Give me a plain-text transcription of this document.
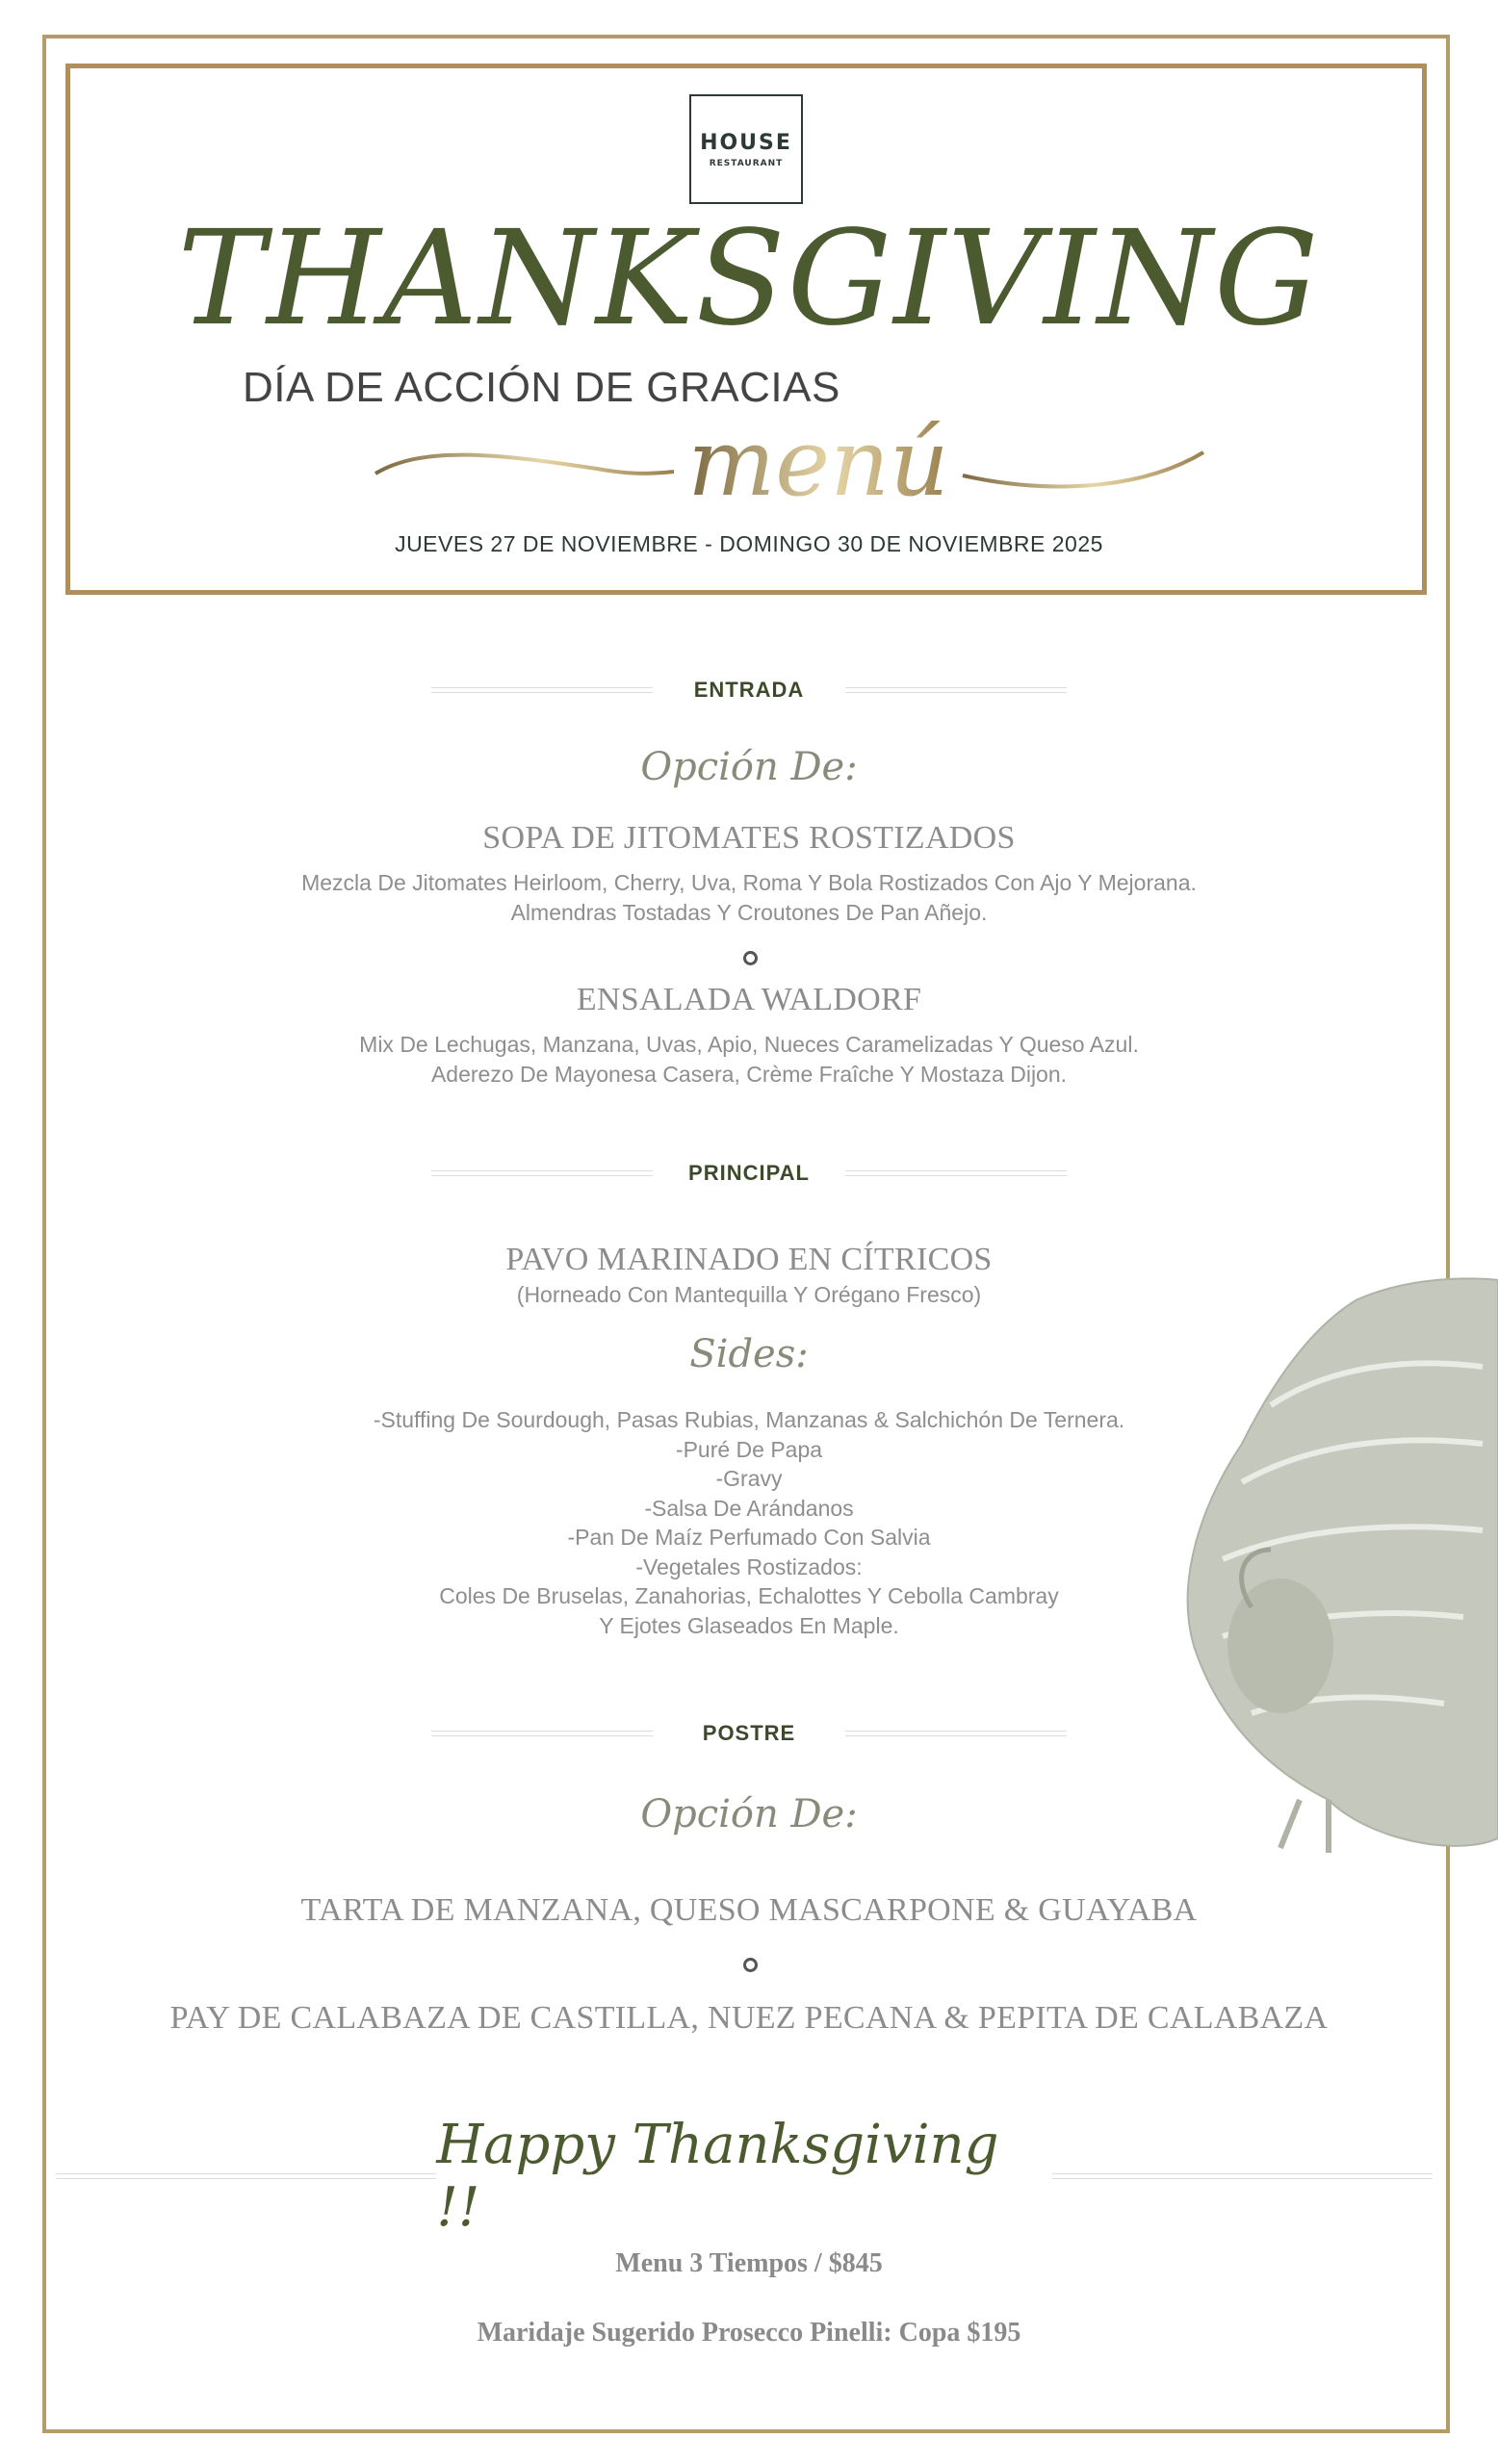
HOUSE
RESTAURANT
THANKSGIVING
DÍA DE ACCIÓN DE GRACIAS
menú
JUEVES 27 DE NOVIEMBRE - DOMINGO 30 DE NOVIEMBRE 2025
ENTRADA
Opción De:
SOPA DE JITOMATES ROSTIZADOS
Mezcla De Jitomates Heirloom, Cherry, Uva, Roma Y Bola Rostizados Con Ajo Y Mejorana.
Almendras Tostadas Y Croutones De Pan Añejo.
ENSALADA WALDORF
Mix De Lechugas, Manzana, Uvas, Apio, Nueces Caramelizadas Y Queso Azul.
Aderezo De Mayonesa Casera, Crème Fraîche Y Mostaza Dijon.
PRINCIPAL
PAVO MARINADO EN CÍTRICOS
(Horneado Con Mantequilla Y Orégano Fresco)
Sides:
-Stuffing De Sourdough, Pasas Rubias, Manzanas & Salchichón De Ternera.
-Puré De Papa
-Gravy
-Salsa De Arándanos
-Pan De Maíz Perfumado Con Salvia
-Vegetales Rostizados:
Coles De Bruselas, Zanahorias, Echalottes Y Cebolla Cambray
Y Ejotes Glaseados En Maple.
POSTRE
Opción De:
TARTA DE MANZANA, QUESO MASCARPONE & GUAYABA
PAY DE CALABAZA DE CASTILLA, NUEZ PECANA & PEPITA DE CALABAZA
Happy Thanksgiving !!
Menu 3 Tiempos / $845
Maridaje Sugerido Prosecco Pinelli: Copa $195
